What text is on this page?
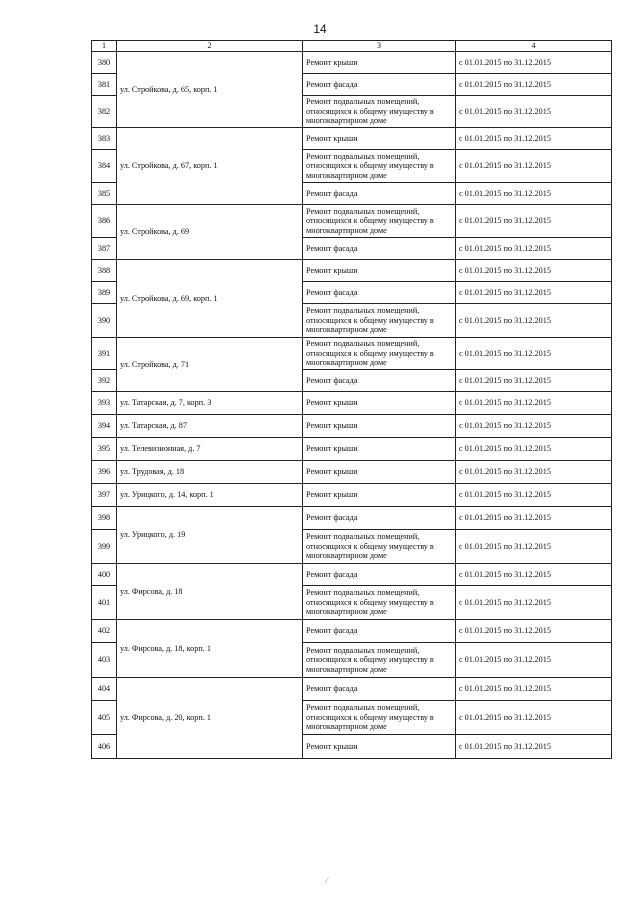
14
1	2	3	4
380	ул. Стройкова, д. 65, корп. 1	Ремонт крыши	с 01.01.2015 по 31.12.2015
381		Ремонт фасада	с 01.01.2015 по 31.12.2015
382		Ремонт подвальных помещений, относящихся к общему имуществу в многоквартирном доме	с 01.01.2015 по 31.12.2015
383	ул. Стройкова, д. 67, корп. 1	Ремонт крыши	с 01.01.2015 по 31.12.2015
384		Ремонт подвальных помещений, относящихся к общему имуществу в многоквартирном доме	с 01.01.2015 по 31.12.2015
385		Ремонт фасада	с 01.01.2015 по 31.12.2015
386	ул. Стройкова, д. 69	Ремонт подвальных помещений, относящихся к общему имуществу в многоквартирном доме	с 01.01.2015 по 31.12.2015
387		Ремонт фасада	с 01.01.2015 по 31.12.2015
388	ул. Стройкова, д. 69, корп. 1	Ремонт крыши	с 01.01.2015 по 31.12.2015
389		Ремонт фасада	с 01.01.2015 по 31.12.2015
390		Ремонт подвальных помещений, относящихся к общему имуществу в многоквартирном доме	с 01.01.2015 по 31.12.2015
391	ул. Стройкова, д. 71	Ремонт подвальных помещений, относящихся к общему имуществу в многоквартирном доме	с 01.01.2015 по 31.12.2015
392		Ремонт фасада	с 01.01.2015 по 31.12.2015
393	ул. Татарская, д. 7, корп. 3	Ремонт крыши	с 01.01.2015 по 31.12.2015
394	ул. Татарская, д. 87	Ремонт крыши	с 01.01.2015 по 31.12.2015
395	ул. Телевизионная, д. 7	Ремонт крыши	с 01.01.2015 по 31.12.2015
396	ул. Трудовая, д. 18	Ремонт крыши	с 01.01.2015 по 31.12.2015
397	ул. Урицкого, д. 14, корп. 1	Ремонт крыши	с 01.01.2015 по 31.12.2015
398	ул. Урицкого, д. 19	Ремонт фасада	с 01.01.2015 по 31.12.2015
399		Ремонт подвальных помещений, относящихся к общему имуществу в многоквартирном доме	с 01.01.2015 по 31.12.2015
400	ул. Фирсова, д. 18	Ремонт фасада	с 01.01.2015 по 31.12.2015
401		Ремонт подвальных помещений, относящихся к общему имуществу в многоквартирном доме	с 01.01.2015 по 31.12.2015
402	ул. Фирсова, д. 18, корп. 1	Ремонт фасада	с 01.01.2015 по 31.12.2015
403		Ремонт подвальных помещений, относящихся к общему имуществу в многоквартирном доме	с 01.01.2015 по 31.12.2015
404	ул. Фирсова, д. 20, корп. 1	Ремонт фасада	с 01.01.2015 по 31.12.2015
405		Ремонт подвальных помещений, относящихся к общему имуществу в многоквартирном доме	с 01.01.2015 по 31.12.2015
406		Ремонт крыши	с 01.01.2015 по 31.12.2015
⁄
